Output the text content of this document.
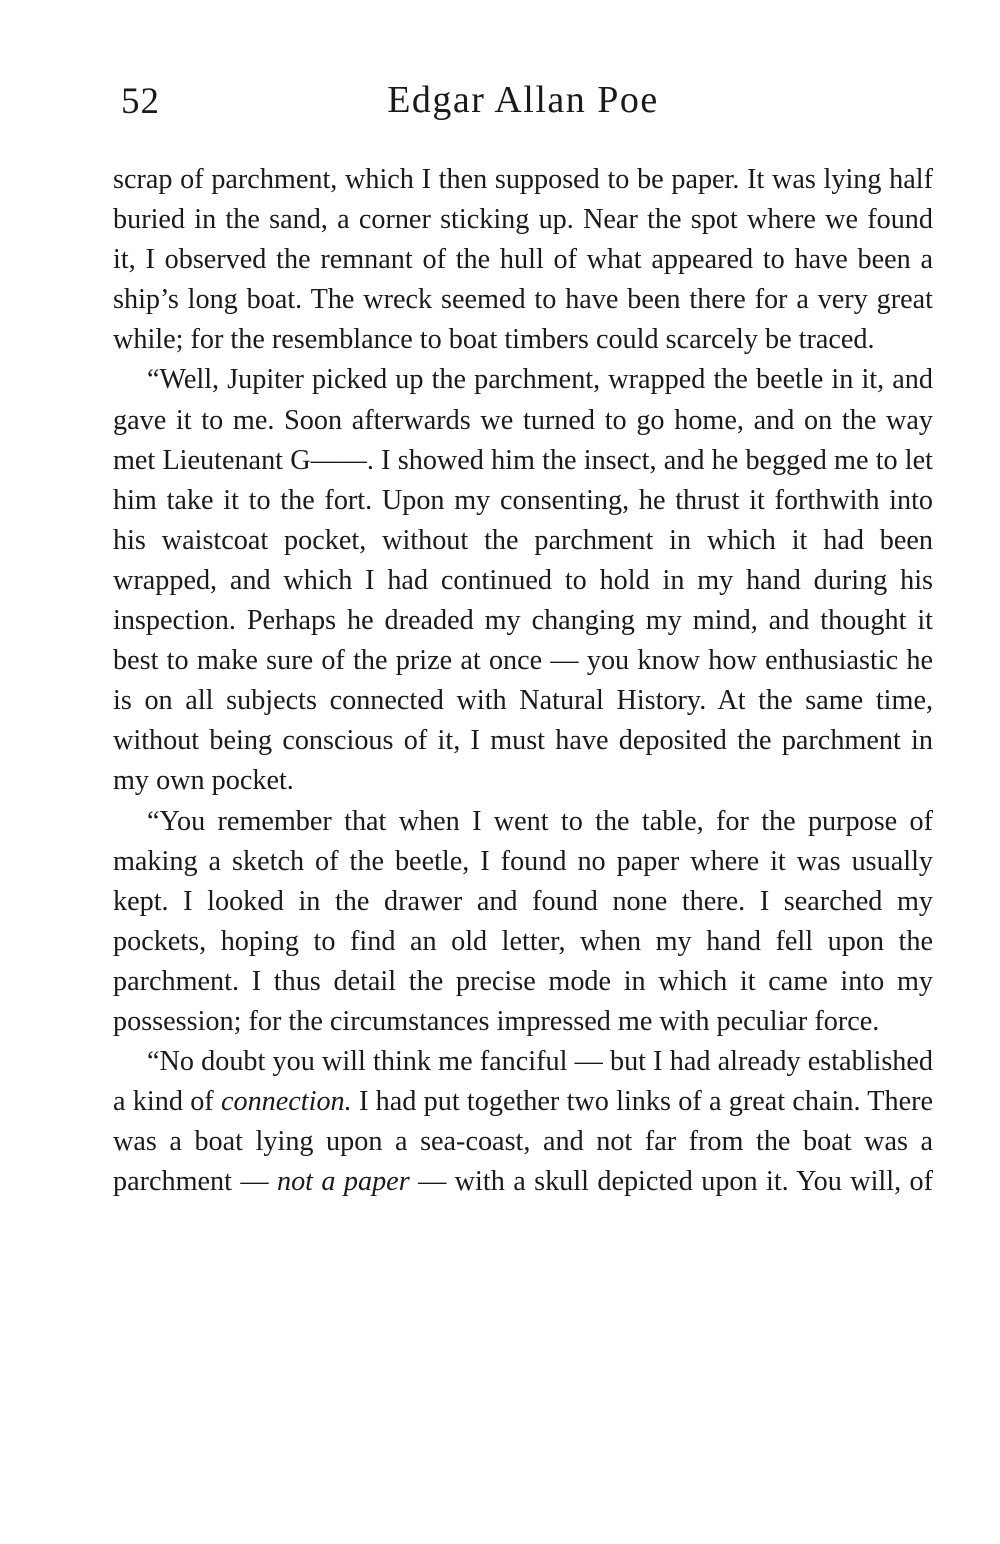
52	Edgar Allan Poe

scrap of parchment, which I then supposed to be paper. It was lying half buried in the sand, a corner sticking up. Near the spot where we found it, I observed the remnant of the hull of what appeared to have been a ship’s long boat. The wreck seemed to have been there for a very great while; for the resemblance to boat timbers could scarcely be traced.

“Well, Jupiter picked up the parchment, wrapped the beetle in it, and gave it to me. Soon afterwards we turned to go home, and on the way met Lieutenant G——. I showed him the insect, and he begged me to let him take it to the fort. Upon my consenting, he thrust it forthwith into his waistcoat pocket, without the parchment in which it had been wrapped, and which I had continued to hold in my hand during his inspection. Perhaps he dreaded my changing my mind, and thought it best to make sure of the prize at once — you know how enthusiastic he is on all subjects connected with Natural History. At the same time, without being conscious of it, I must have deposited the parchment in my own pocket.

“You remember that when I went to the table, for the purpose of making a sketch of the beetle, I found no paper where it was usually kept. I looked in the drawer and found none there. I searched my pockets, hoping to find an old letter, when my hand fell upon the parchment. I thus detail the precise mode in which it came into my possession; for the circumstances impressed me with peculiar force.

“No doubt you will think me fanciful — but I had already established a kind of connection. I had put together two links of a great chain. There was a boat lying upon a sea-coast, and not far from the boat was a parchment — not a paper — with a skull depicted upon it. You will, of
